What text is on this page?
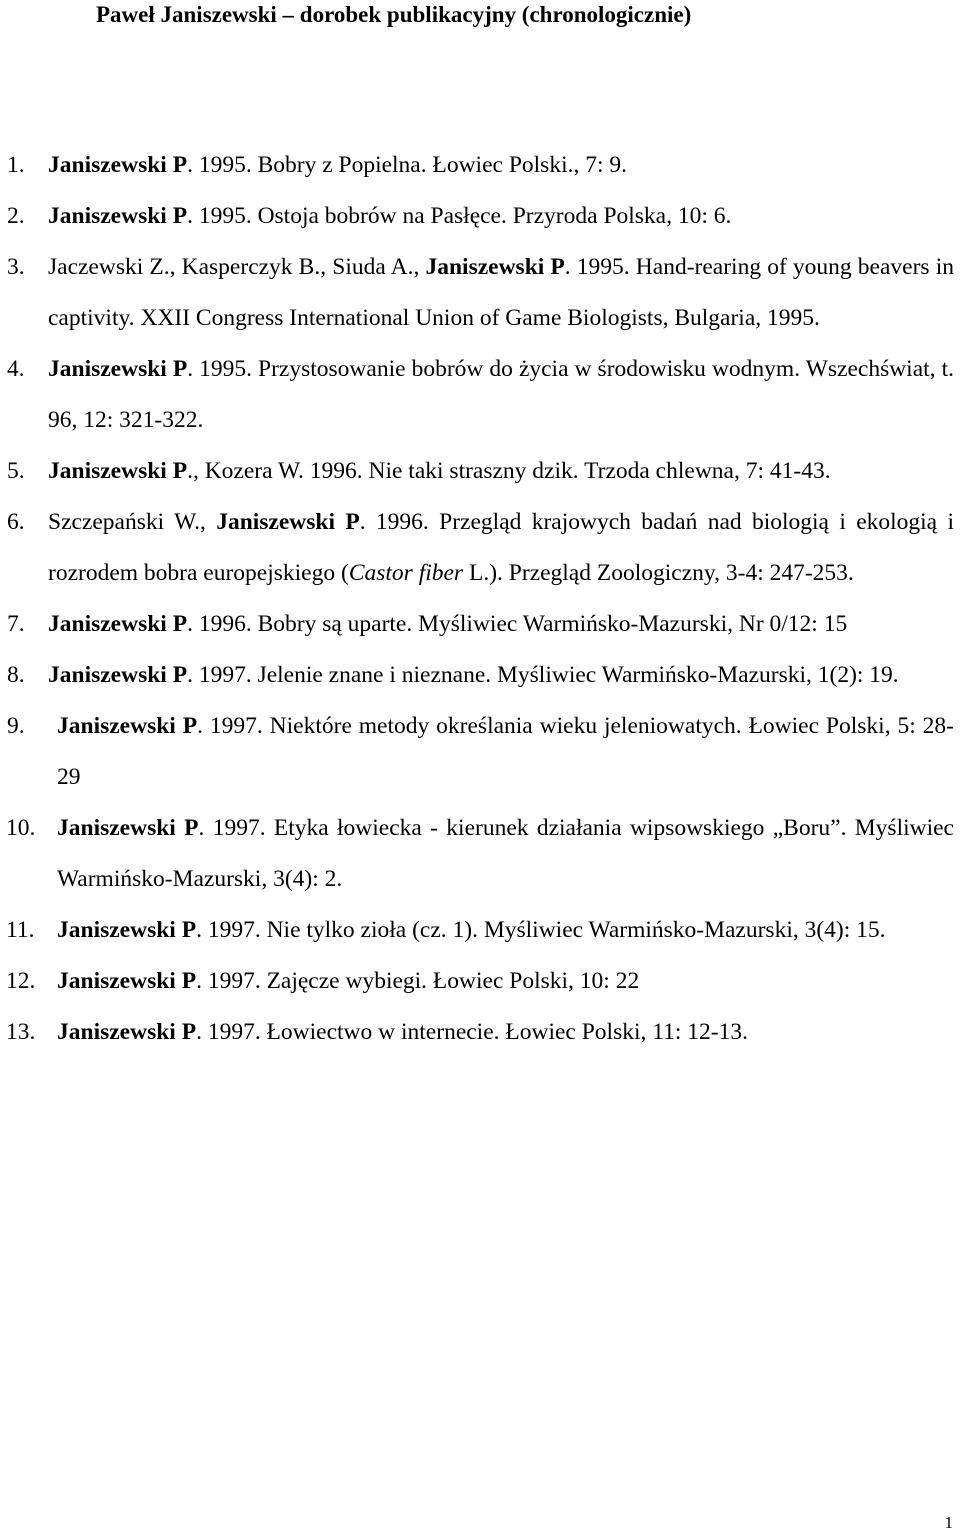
Paweł Janiszewski – dorobek publikacyjny (chronologicznie)
1. Janiszewski P. 1995. Bobry z Popielna. Łowiec Polski., 7: 9.
2. Janiszewski P. 1995. Ostoja bobrów na Pasłęce. Przyroda Polska, 10: 6.
3. Jaczewski Z., Kasperczyk B., Siuda A., Janiszewski P. 1995. Hand-rearing of young beavers in captivity. XXII Congress International Union of Game Biologists, Bulgaria, 1995.
4. Janiszewski P. 1995. Przystosowanie bobrów do życia w środowisku wodnym. Wszechświat, t. 96, 12: 321-322.
5. Janiszewski P., Kozera W. 1996. Nie taki straszny dzik. Trzoda chlewna, 7: 41-43.
6. Szczepański W., Janiszewski P. 1996. Przegląd krajowych badań nad biologią i ekologią i rozrodem bobra europejskiego (Castor fiber L.). Przegląd Zoologiczny, 3-4: 247-253.
7. Janiszewski P. 1996. Bobry są uparte. Myśliwiec Warmińsko-Mazurski, Nr 0/12: 15
8. Janiszewski P. 1997. Jelenie znane i nieznane. Myśliwiec Warmińsko-Mazurski, 1(2): 19.
9. Janiszewski P. 1997. Niektóre metody określania wieku jeleniowatych. Łowiec Polski, 5: 28-29
10. Janiszewski P. 1997. Etyka łowiecka - kierunek działania wipsowskiego „Boru”. Myśliwiec Warmińsko-Mazurski, 3(4): 2.
11. Janiszewski P. 1997. Nie tylko zioła (cz. 1). Myśliwiec Warmińsko-Mazurski, 3(4): 15.
12. Janiszewski P. 1997. Zajęcze wybiegi. Łowiec Polski, 10: 22
13. Janiszewski P. 1997. Łowiectwo w internecie. Łowiec Polski, 11: 12-13.
1
